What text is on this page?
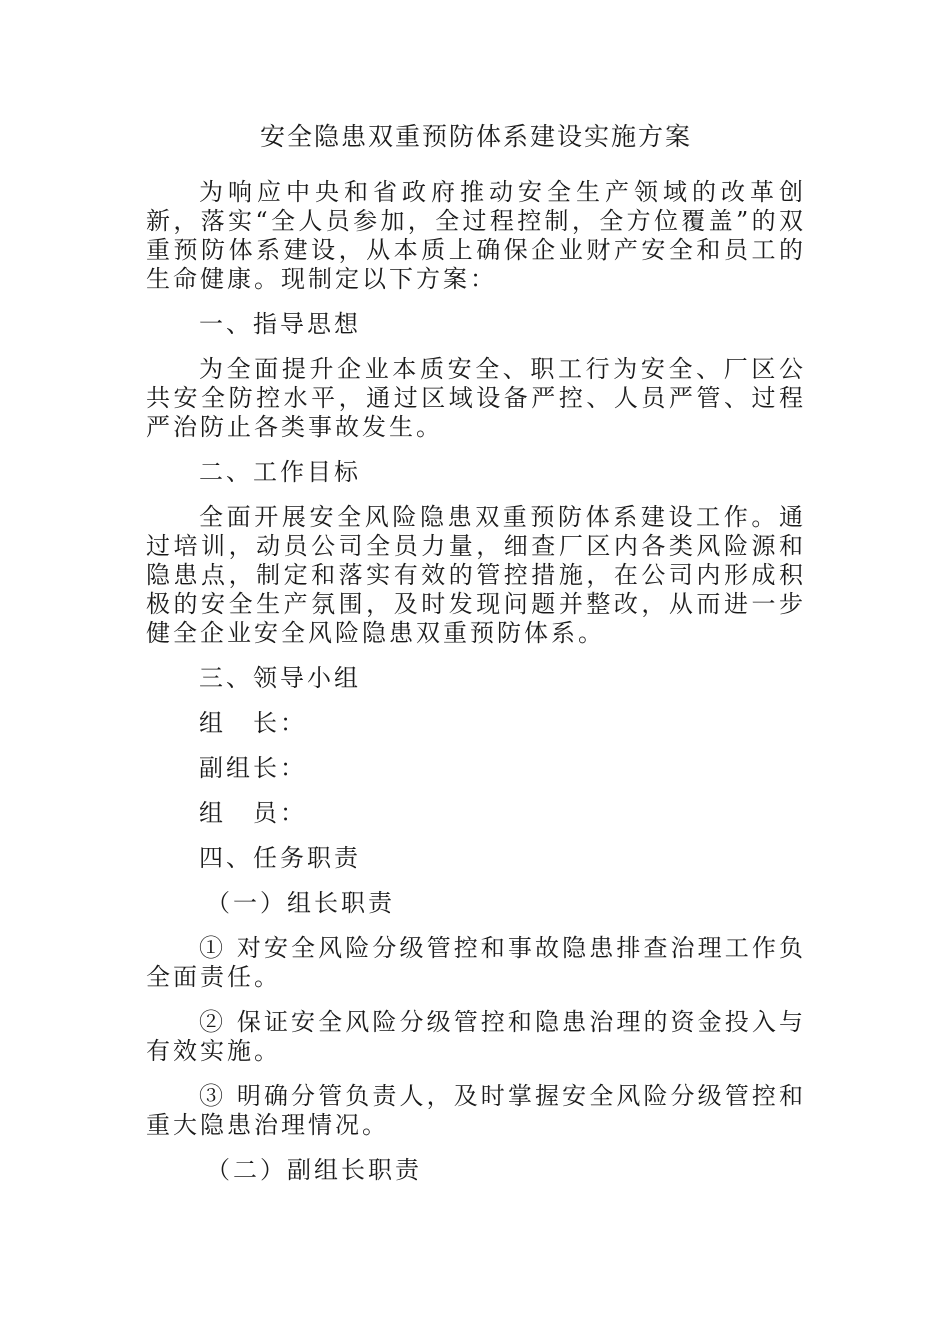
安全隐患双重预防体系建设实施方案

为响应中央和省政府推动安全生产领域的改革创新，落实“全人员参加，全过程控制，全方位覆盖”的双重预防体系建设，从本质上确保企业财产安全和员工的生命健康。现制定以下方案：

一、指导思想

为全面提升企业本质安全、职工行为安全、厂区公共安全防控水平，通过区域设备严控、人员严管、过程严治防止各类事故发生。

二、工作目标

全面开展安全风险隐患双重预防体系建设工作。通过培训，动员公司全员力量，细查厂区内各类风险源和隐患点，制定和落实有效的管控措施，在公司内形成积极的安全生产氛围，及时发现问题并整改，从而进一步健全企业安全风险隐患双重预防体系。

三、领导小组

组　长：

副组长：

组　员：

四、任务职责

（一）组长职责

① 对安全风险分级管控和事故隐患排查治理工作负全面责任。

② 保证安全风险分级管控和隐患治理的资金投入与有效实施。

③ 明确分管负责人，及时掌握安全风险分级管控和重大隐患治理情况。

（二）副组长职责
